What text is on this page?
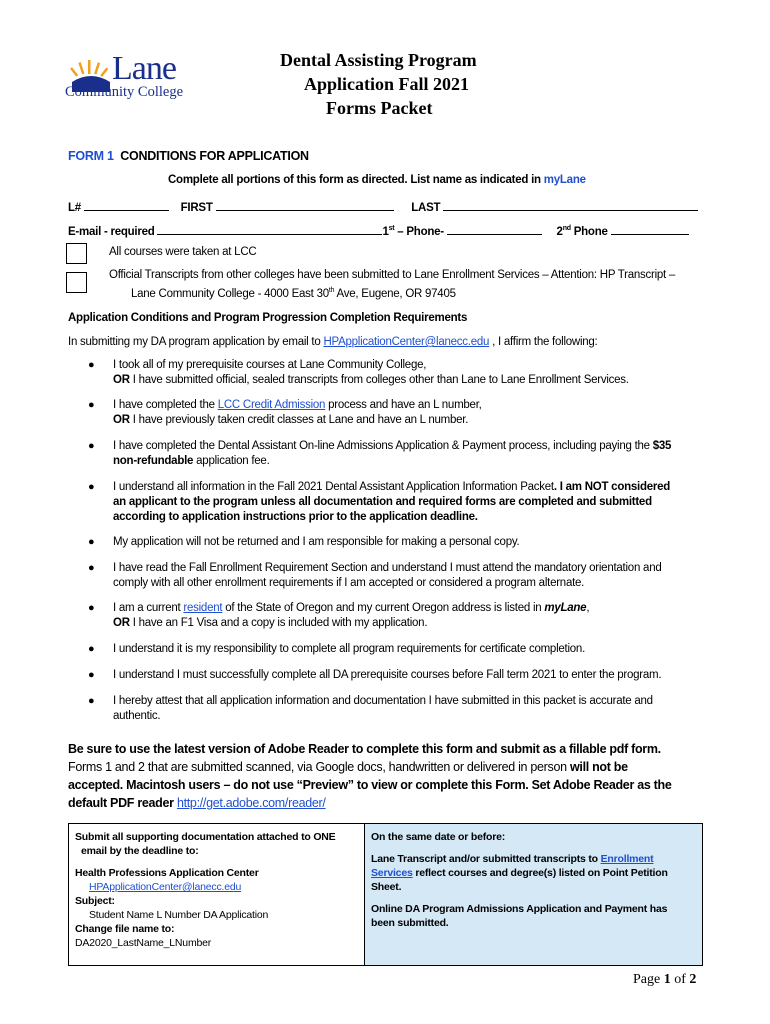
Lane
Community College
Dental Assisting Program
Application Fall 2021
Forms Packet
FORM 1 CONDITIONS FOR APPLICATION
Complete all portions of this form as directed. List name as indicated in myLane
L#	FIRST	LAST
E-mail - required	1st – Phone-	2nd Phone
All courses were taken at LCC
Official Transcripts from other colleges have been submitted to Lane Enrollment Services – Attention: HP Transcript –
Lane Community College - 4000 East 30th Ave, Eugene, OR 97405
Application Conditions and Program Progression Completion Requirements
In submitting my DA program application by email to HPApplicationCenter@lanecc.edu , I affirm the following:
● I took all of my prerequisite courses at Lane Community College,
OR I have submitted official, sealed transcripts from colleges other than Lane to Lane Enrollment Services.
● I have completed the LCC Credit Admission process and have an L number,
OR I have previously taken credit classes at Lane and have an L number.
● I have completed the Dental Assistant On-line Admissions Application & Payment process, including paying the $35
non-refundable application fee.
● I understand all information in the Fall 2021 Dental Assistant Application Information Packet. I am NOT considered
an applicant to the program unless all documentation and required forms are completed and submitted
according to application instructions prior to the application deadline.
● My application will not be returned and I am responsible for making a personal copy.
● I have read the Fall Enrollment Requirement Section and understand I must attend the mandatory orientation and
comply with all other enrollment requirements if I am accepted or considered a program alternate.
● I am a current resident of the State of Oregon and my current Oregon address is listed in myLane,
OR I have an F1 Visa and a copy is included with my application.
● I understand it is my responsibility to complete all program requirements for certificate completion.
● I understand I must successfully complete all DA prerequisite courses before Fall term 2021 to enter the program.
● I hereby attest that all application information and documentation I have submitted in this packet is accurate and
authentic.
Be sure to use the latest version of Adobe Reader to complete this form and submit as a fillable pdf form.
Forms 1 and 2 that are submitted scanned, via Google docs, handwritten or delivered in person will not be
accepted. Macintosh users – do not use “Preview” to view or complete this Form. Set Adobe Reader as the
default PDF reader http://get.adobe.com/reader/
Submit all supporting documentation attached to ONE
email by the deadline to:
Health Professions Application Center
HPApplicationCenter@lanecc.edu
Subject:
Student Name L Number DA Application
Change file name to:
DA2020_LastName_LNumber
On the same date or before:
Lane Transcript and/or submitted transcripts to Enrollment
Services reflect courses and degree(s) listed on Point Petition
Sheet.
Online DA Program Admissions Application and Payment has
been submitted.
Page 1 of 2
